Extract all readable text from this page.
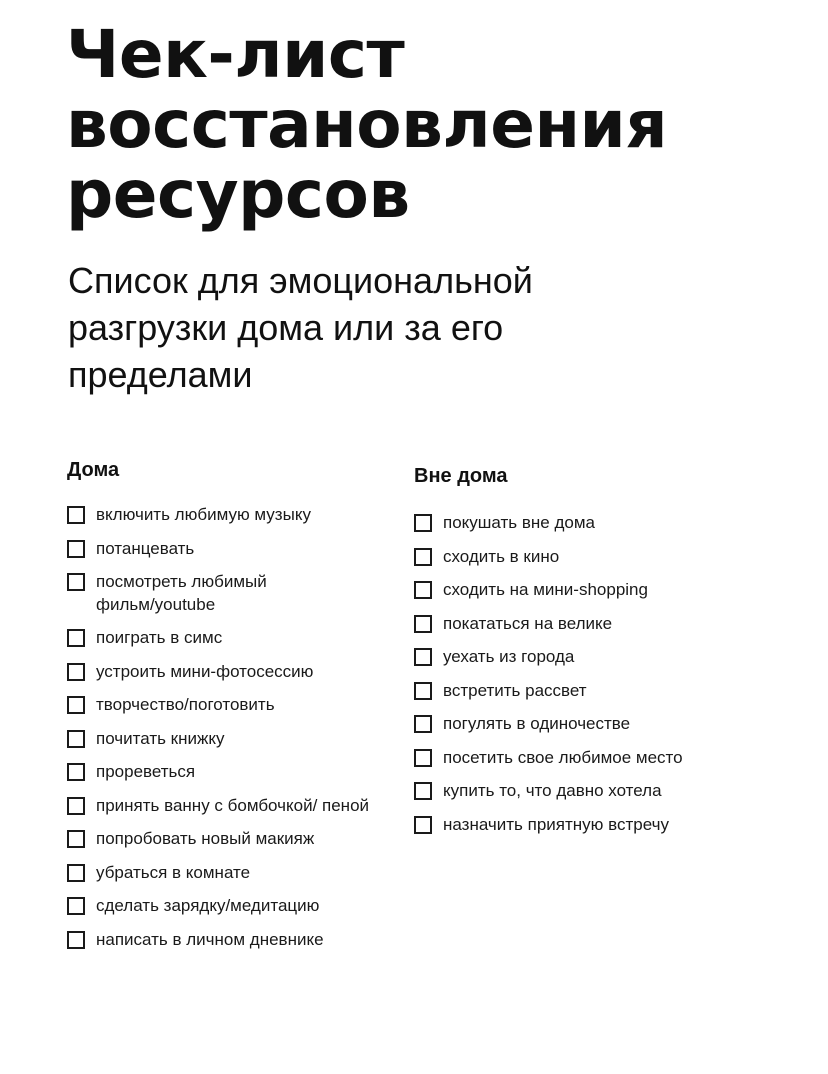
Чек-лист
восстановления
ресурсов
Список для эмоциональной
разгрузки дома или за его
пределами
Дома
включить любимую музыку
потанцевать
посмотреть любимый фильм/youtube
поиграть в симс
устроить мини-фотосессию
творчество/поготовить
почитать книжку
прореветься
принять ванну с бомбочкой/ пеной
попробовать новый макияж
убраться в комнате
сделать зарядку/медитацию
написать в личном дневнике
Вне дома
покушать вне дома
сходить в кино
сходить на мини-shopping
покататься на велике
уехать из города
встретить рассвет
погулять в одиночестве
посетить свое любимое место
купить то, что давно хотела
назначить приятную встречу
